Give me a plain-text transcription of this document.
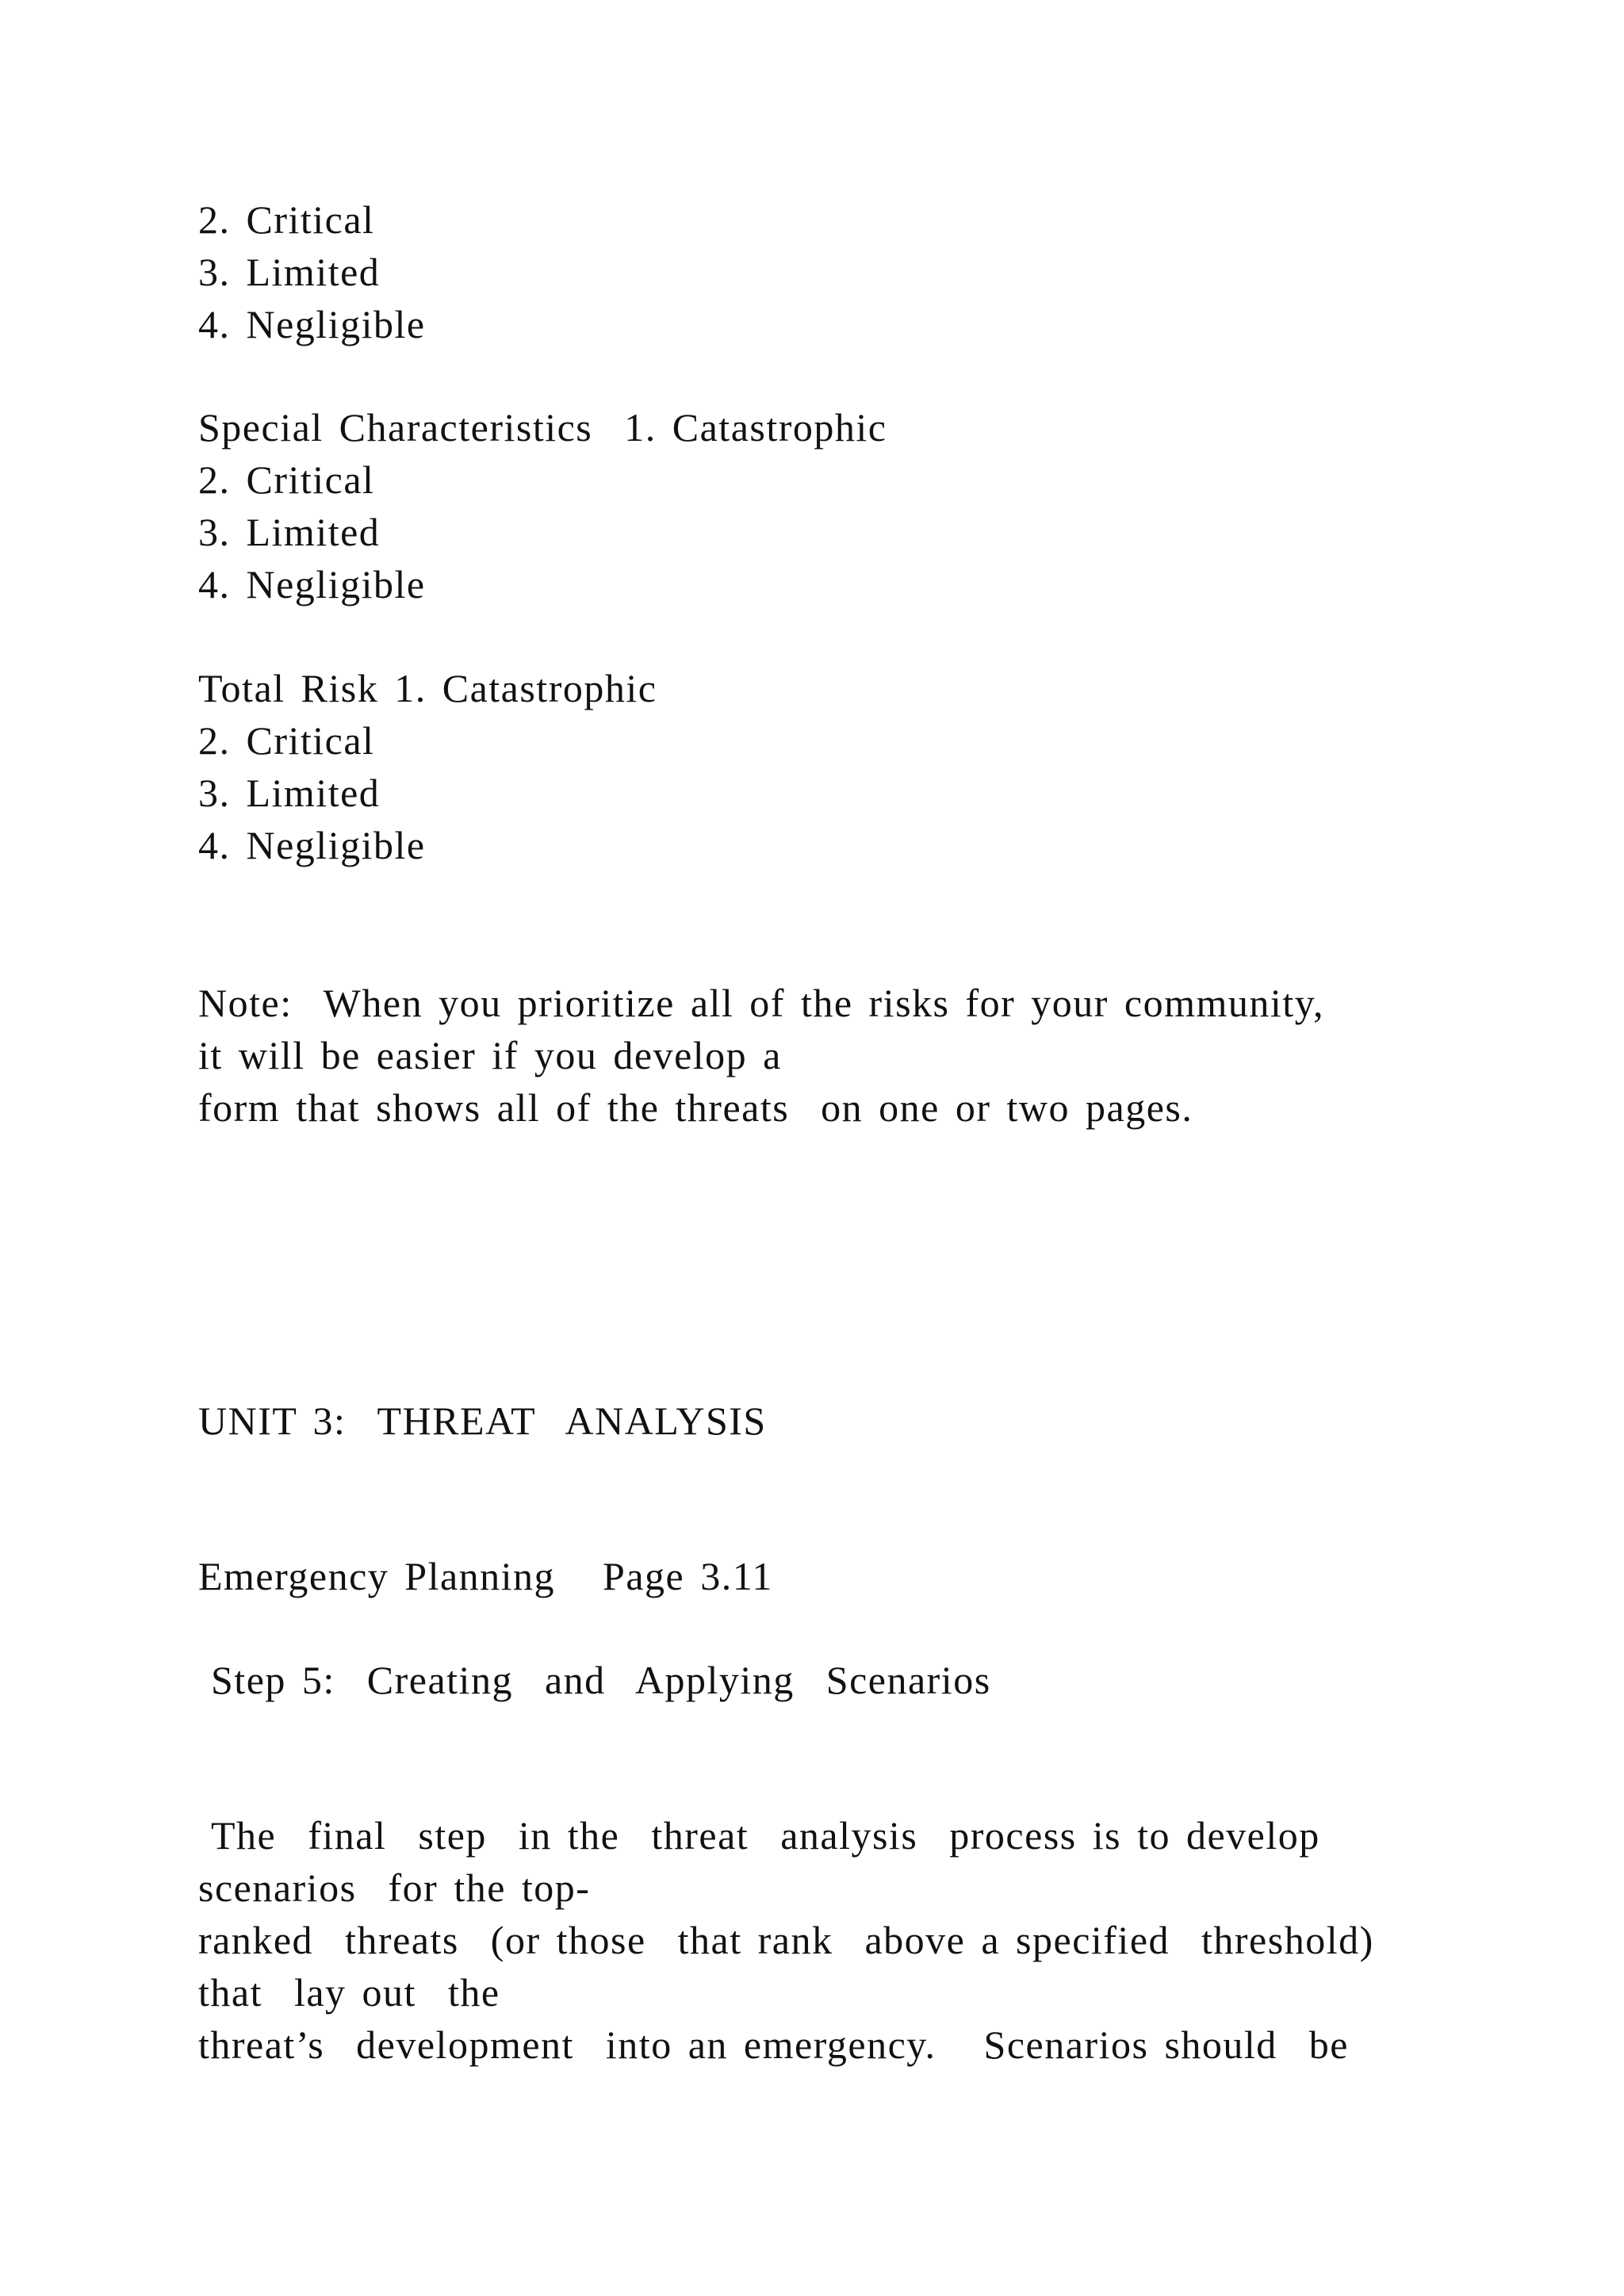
2. Critical
3. Limited
4. Negligible
Special Characteristics  1. Catastrophic
2. Critical
3. Limited
4. Negligible
Total Risk 1. Catastrophic
2. Critical
3. Limited
4. Negligible
Note:  When you prioritize all of the risks for your community,
it will be easier if you develop a
form that shows all of the threats  on one or two pages.
UNIT 3:  THREAT  ANALYSIS
Emergency Planning   Page 3.11
Step 5:  Creating  and  Applying  Scenarios
The  final  step  in the  threat  analysis  process is to develop
scenarios  for the top-
ranked  threats  (or those  that rank  above a specified  threshold)
that  lay out  the
threat’s  development  into an emergency.   Scenarios should  be
